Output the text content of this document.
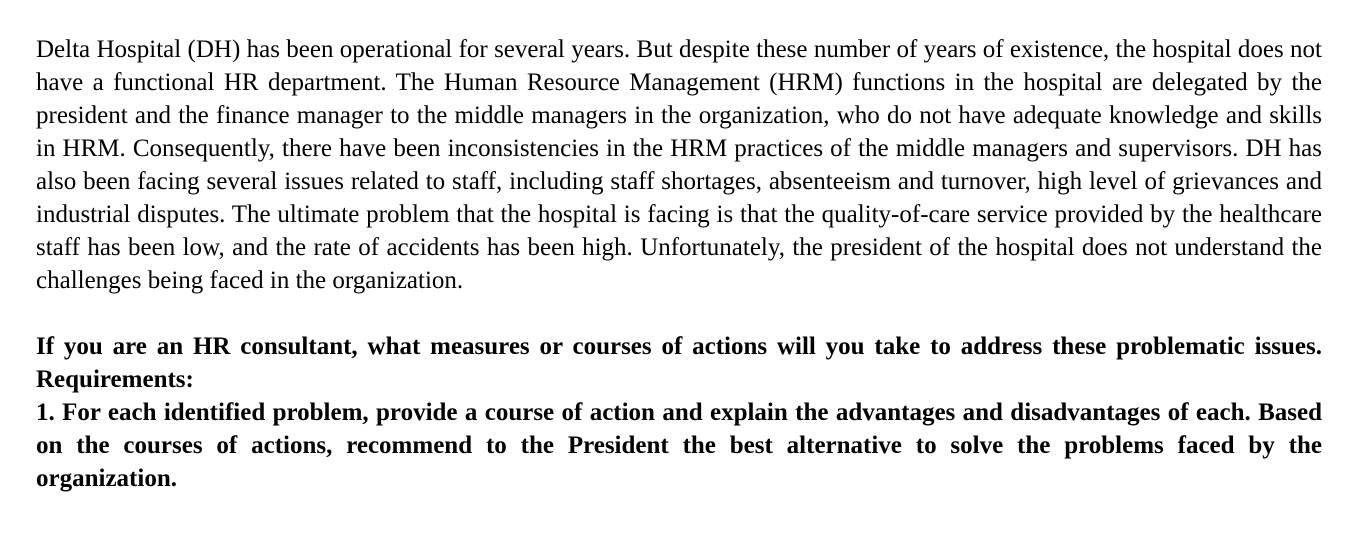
Delta Hospital (DH) has been operational for several years. But despite these number of years of existence, the hospital does not have a functional HR department. The Human Resource Management (HRM) functions in the hospital are delegated by the president and the finance manager to the middle managers in the organization, who do not have adequate knowledge and skills in HRM. Consequently, there have been inconsistencies in the HRM practices of the middle managers and supervisors. DH has also been facing several issues related to staff, including staff shortages, absenteeism and turnover, high level of grievances and industrial disputes. The ultimate problem that the hospital is facing is that the quality-of-care service provided by the healthcare staff has been low, and the rate of accidents has been high. Unfortunately, the president of the hospital does not understand the challenges being faced in the organization.

If you are an HR consultant, what measures or courses of actions will you take to address these problematic issues. Requirements:

1. For each identified problem, provide a course of action and explain the advantages and disadvantages of each. Based on the courses of actions, recommend to the President the best alternative to solve the problems faced by the organization.
